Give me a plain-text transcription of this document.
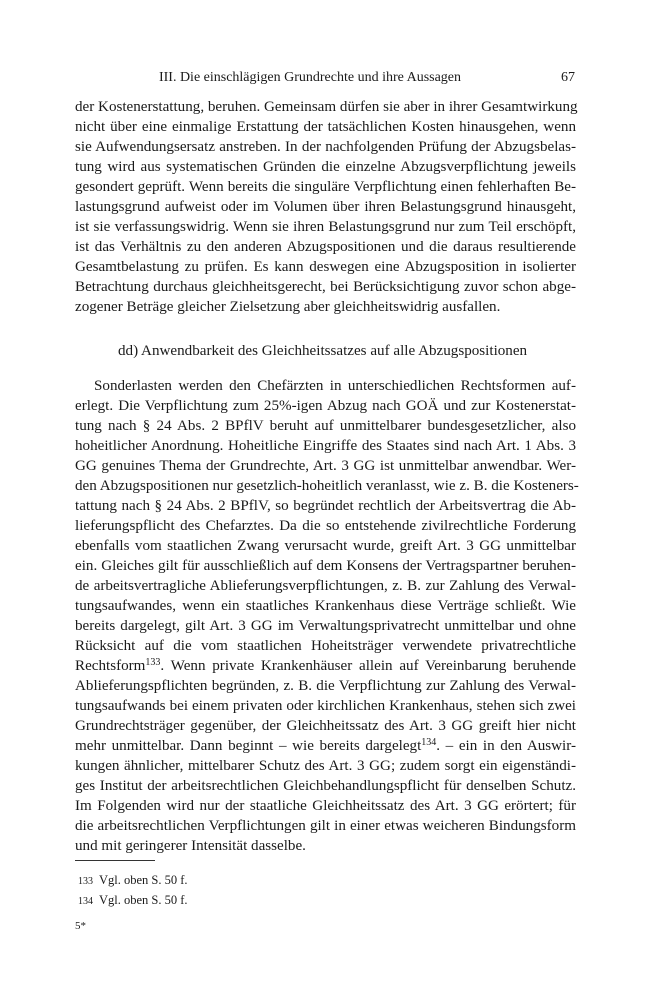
III. Die einschlägigen Grundrechte und ihre Aussagen	67
der Kostenerstattung, beruhen. Gemeinsam dürfen sie aber in ihrer Gesamtwirkung
nicht über eine einmalige Erstattung der tatsächlichen Kosten hinausgehen, wenn
sie Aufwendungsersatz anstreben. In der nachfolgenden Prüfung der Abzugsbelas-
tung wird aus systematischen Gründen die einzelne Abzugsverpflichtung jeweils
gesondert geprüft. Wenn bereits die singuläre Verpflichtung einen fehlerhaften Be-
lastungsgrund aufweist oder im Volumen über ihren Belastungsgrund hinausgeht,
ist sie verfassungswidrig. Wenn sie ihren Belastungsgrund nur zum Teil erschöpft,
ist das Verhältnis zu den anderen Abzugspositionen und die daraus resultierende
Gesamtbelastung zu prüfen. Es kann deswegen eine Abzugsposition in isolierter
Betrachtung durchaus gleichheitsgerecht, bei Berücksichtigung zuvor schon abge-
zogener Beträge gleicher Zielsetzung aber gleichheitswidrig ausfallen.
dd) Anwendbarkeit des Gleichheitssatzes auf alle Abzugspositionen
Sonderlasten werden den Chefärzten in unterschiedlichen Rechtsformen auf-
erlegt. Die Verpflichtung zum 25%-igen Abzug nach GOÄ und zur Kostenerstat-
tung nach § 24 Abs. 2 BPflV beruht auf unmittelbarer bundesgesetzlicher, also
hoheitlicher Anordnung. Hoheitliche Eingriffe des Staates sind nach Art. 1 Abs. 3
GG genuines Thema der Grundrechte, Art. 3 GG ist unmittelbar anwendbar. Wer-
den Abzugspositionen nur gesetzlich-hoheitlich veranlasst, wie z. B. die Kosteners-
tattung nach § 24 Abs. 2 BPflV, so begründet rechtlich der Arbeitsvertrag die Ab-
lieferungspflicht des Chefarztes. Da die so entstehende zivilrechtliche Forderung
ebenfalls vom staatlichen Zwang verursacht wurde, greift Art. 3 GG unmittelbar
ein. Gleiches gilt für ausschließlich auf dem Konsens der Vertragspartner beruhen-
de arbeitsvertragliche Ablieferungsverpflichtungen, z. B. zur Zahlung des Verwal-
tungsaufwandes, wenn ein staatliches Krankenhaus diese Verträge schließt. Wie
bereits dargelegt, gilt Art. 3 GG im Verwaltungsprivatrecht unmittelbar und ohne
Rücksicht auf die vom staatlichen Hoheitsträger verwendete privatrechtliche
Rechtsform$^{133}$. Wenn private Krankenhäuser allein auf Vereinbarung beruhende
Ablieferungspflichten begründen, z. B. die Verpflichtung zur Zahlung des Verwal-
tungsaufwands bei einem privaten oder kirchlichen Krankenhaus, stehen sich zwei
Grundrechtsträger gegenüber, der Gleichheitssatz des Art. 3 GG greift hier nicht
mehr unmittelbar. Dann beginnt – wie bereits dargelegt$^{134}$. – ein in den Auswir-
kungen ähnlicher, mittelbarer Schutz des Art. 3 GG; zudem sorgt ein eigenständi-
ges Institut der arbeitsrechtlichen Gleichbehandlungspflicht für denselben Schutz.
Im Folgenden wird nur der staatliche Gleichheitssatz des Art. 3 GG erörtert; für
die arbeitsrechtlichen Verpflichtungen gilt in einer etwas weicheren Bindungsform
und mit geringerer Intensität dasselbe.
133 Vgl. oben S. 50 f.
134 Vgl. oben S. 50 f.
5*
